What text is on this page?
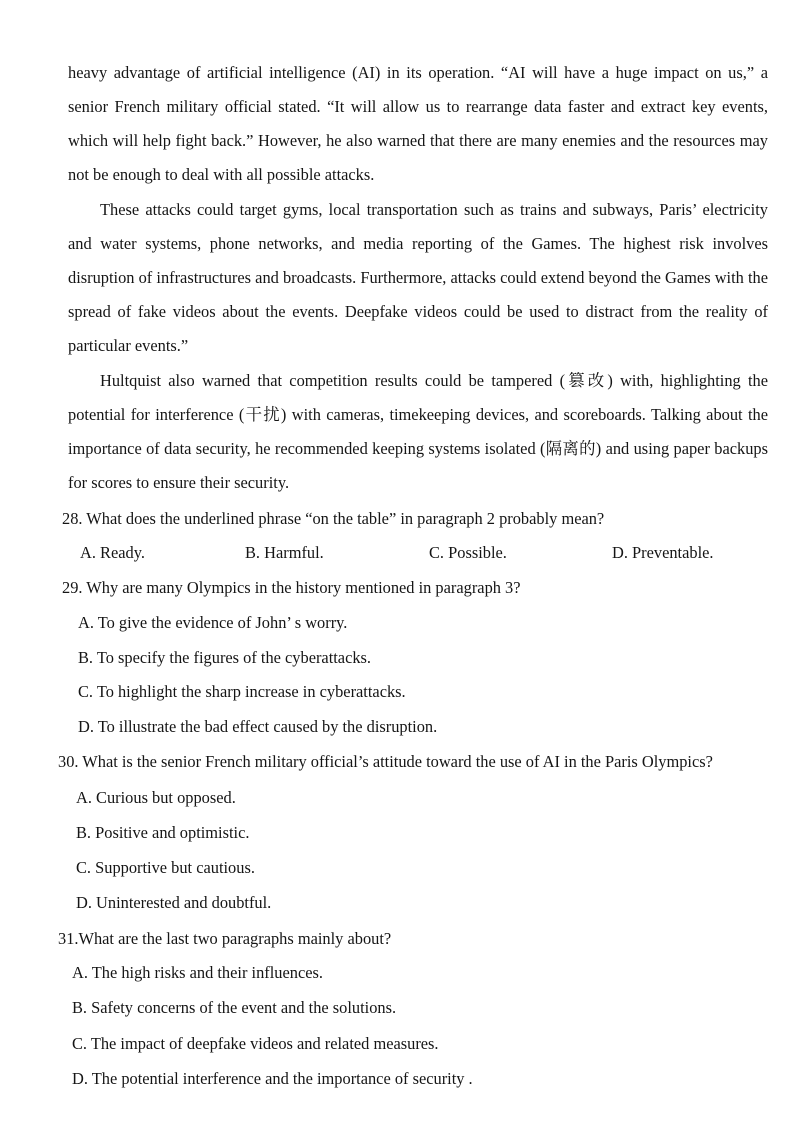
heavy advantage of artificial intelligence (AI) in its operation. “AI will have a huge impact on us,” a senior French military official stated. “It will allow us to rearrange data faster and extract key events, which will help fight back.” However, he also warned that there are many enemies and the resources may not be enough to deal with all possible attacks.

These attacks could target gyms, local transportation such as trains and subways, Paris’ electricity and water systems, phone networks, and media reporting of the Games. The highest risk involves disruption of infrastructures and broadcasts. Furthermore, attacks could extend beyond the Games with the spread of fake videos about the events. Deepfake videos could be used to distract from the reality of particular events.”

Hultquist also warned that competition results could be tampered (篡改) with, highlighting the potential for interference (干扰) with cameras, timekeeping devices, and scoreboards. Talking about the importance of data security, he recommended keeping systems isolated (隔离的) and using paper backups for scores to ensure their security.

28. What does the underlined phrase “on the table” in paragraph 2 probably mean?
A. Ready.	B. Harmful.	C. Possible.	D. Preventable.
29. Why are many Olympics in the history mentioned in paragraph 3?
A. To give the evidence of John’ s worry.
B. To specify the figures of the cyberattacks.
C. To highlight the sharp increase in cyberattacks.
D. To illustrate the bad effect caused by the disruption.
30. What is the senior French military official’s attitude toward the use of AI in the Paris Olympics?
A. Curious but opposed.
B. Positive and optimistic.
C. Supportive but cautious.
D. Uninterested and doubtful.
31.What are the last two paragraphs mainly about?
A. The high risks and their influences.
B. Safety concerns of the event and the solutions.
C. The impact of deepfake videos and related measures.
D. The potential interference and the importance of security .
